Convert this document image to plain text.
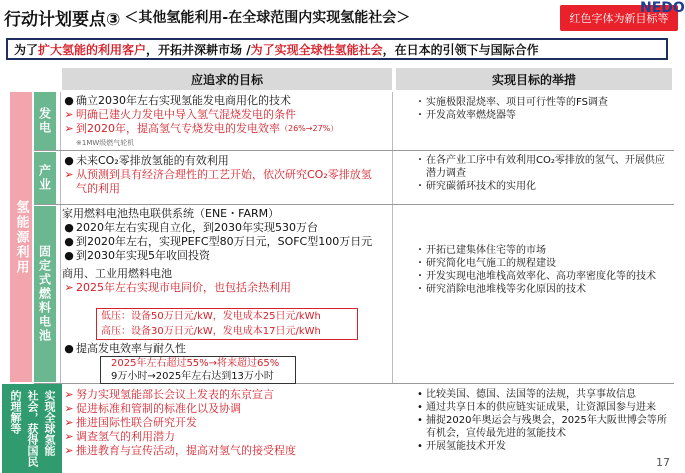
行动计划要点③ ＜其他氢能利用-在全球范围内实现氢能社会＞	红色字体为新目标等
NEDO
为了 扩大氢能的利用客户 ，开拓并深耕市场 / 为了实现全球性氢能社会 ，在日本的引领下与国际合作
应追求的目标	实现目标的举措
氢能源利用
发电
产业
固定式燃料电池
实现全球氢能
社会，获得国民
的理解等
● 确立2030年左右实现氢能发电商用化的技术
➢ 明确已建火力发电中导入氢气混烧发电的条件
➢ 到2020年，提高氢气专烧发电的发电效率 （26%→27%）
※1MW级燃气轮机
・ 实施极限混烧率、项目可行性等的FS调查
・ 开发高效率燃烧器等
● 未来CO₂零排放氢能的有效利用
➢ 从预测到具有经济合理性的工艺开始，依次研究CO₂零排放氢气的利用
・ 在各产业工序中有效利用CO₂零排放的氢气、开展供应潜力调查
・ 研究碳循环技术的实用化
家用燃料电池热电联供系统（ENE・FARM）
● 2020年左右实现自立化，到2030年实现530万台
● 到2020年左右，实现PEFC型80万日元，SOFC型100万日元
● 到2030年实现5年收回投资
商用、工业用燃料电池
➢ 2025年左右实现市电同价，也包括余热利用
低压：设备50万日元/kW，发电成本25日元/kWh
高压：设备30万日元/kW，发电成本17日元/kWh
● 提高发电效率与耐久性
2025年左右超过55%→将来超过65%
9万小时→2025年左右达到13万小时
・ 开拓已建集体住宅等的市场
・ 研究简化电气施工的规程建设
・ 开发实现电池堆栈高效率化、高功率密度化等的技术
・ 研究消除电池堆栈等劣化原因的技术
➢ 努力实现氢能部长会议上发表的东京宣言
➢ 促进标准和管制的标准化以及协调
➢ 推进国际性联合研究开发
➢ 调查氢气的利用潜力
➢ 推进教育与宣传活动，提高对氢气的接受程度
• 比较美国、德国、法国等的法规，共享事故信息
• 通过共享日本的供应链实证成果，让资源国参与进来
• 捕捉2020年奥运会与残奥会，2025年大阪世博会等所有机会，宣传最先进的氢能技术
• 开展氢能技术开发
17
